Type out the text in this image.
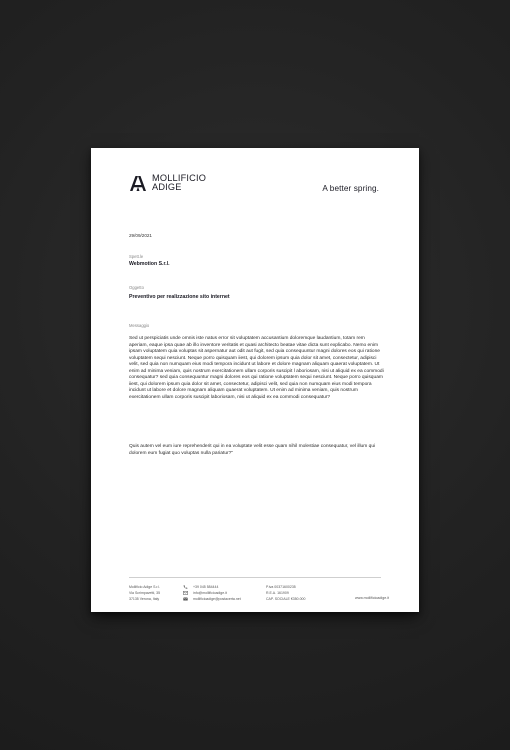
MOLLIFICIO
ADIGE	A better spring.
29/09/2021
Spett.le
Webmotion S.r.l.
Oggetto
Preventivo per realizzazione sito internet
Messaggio
Sed ut perspiciatis unde omnis iste natus error sit voluptatem accusantium doloremque laudantium, totam rem aperiam, eaque ipsa quae ab illo inventore veritatis et quasi architecto beatae vitae dicta sunt explicabo. Nemo enim ipsam voluptatem quia voluptas sit aspernatur aut odit aut fugit, sed quia consequuntur magni dolores eos qui ratione voluptatem sequi nesciunt. Neque porro quisquam iiest, qui dolorem ipsum quia dolor sit amet, consectetur, adipisci velit, sed quia non numquam eius modi tempora incidunt ut labore et dolore magnam aliquam quaerat voluptatem. Ut enim ad minima veniam, quis nostrum exercitationem ullam corporis suscipit l aboriosam, nisi ut aliquid ex ea commodi consequatur? sed quia consequuntur magni dolores eos qui ratione voluptatem sequi nesciunt. Neque porro quisquam iiest, qui dolorem ipsum quia dolor sit amet, consectetur, adipisci velit, sed quia non numquam eius modi tempora incidunt ut labore et dolore magnam aliquam quaerat voluptatem. Ut enim ad minima veniam, quis nostrum exercitationem ullam corporis suscipit laboriosam, nisi ut aliquid ex ea commodi consequatur?
Quis autem vel eum iure reprehenderit qui in ea voluptate velit esse quam nihil molestiae consequatur, vel illum qui dolorem eum fugiat quo voluptas nulla pariatur?"
Mollificio Adige S.r.l.
Via Scrimpavetti, 35
37135 Verona, Italy
+39 045 584444
info@mollificioadige.it
mollificioadige@postacerta.net
P.iva 00371600235
R.E.A. 161909
CAP. SOCIALE €350.000	www.mollificioadige.it
